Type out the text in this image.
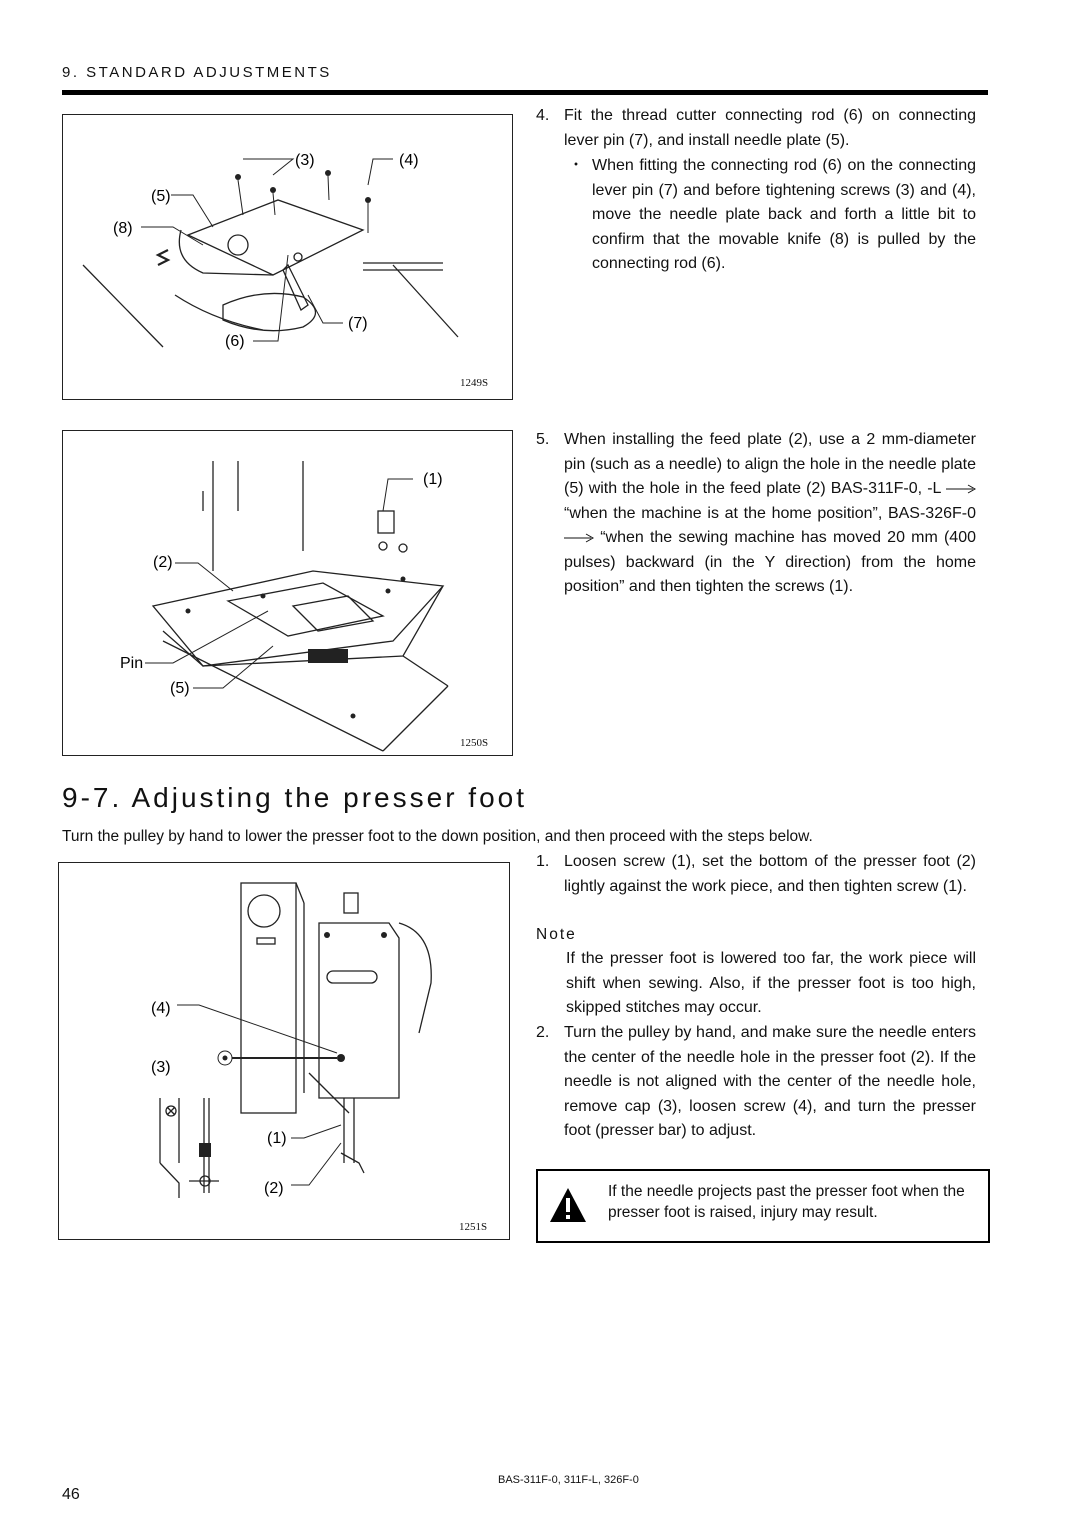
9. STANDARD ADJUSTMENTS
(3)	(4)
(5)
(8)
(7)
(6)
1249S
(1)
(2)
Pin
(5)
1250S
4. Fit the thread cutter connecting rod (6) on connecting lever pin (7), and install needle plate (5).
・ When fitting the connecting rod (6) on the connecting lever pin (7) and before tightening screws (3) and (4), move the needle plate back and forth a little bit to confirm that the movable knife (8) is pulled by the connecting rod (6).
5. When installing the feed plate (2), use a 2 mm-diameter pin (such as a needle) to align the hole in the needle plate (5) with the hole in the feed plate (2) BAS-311F-0, -L  “when the machine is at the home position”, BAS-326F-0  “when the sewing machine has moved 20 mm (400 pulses) backward (in the Y direction) from the home position” and then tighten the screws (1).
9-7. Adjusting the presser foot
Turn the pulley by hand to lower the presser foot to the down position, and then proceed with the steps below.
(4)
(3)
(1)
(2)
1251S
1. Loosen screw (1), set the bottom of the presser foot (2) lightly against the work piece, and then tighten screw (1).
Note
If the presser foot is lowered too far, the work piece will shift when sewing. Also, if the presser foot is too high, skipped stitches may occur.
2. Turn the pulley by hand, and make sure the needle enters the center of the needle hole in the presser foot (2). If the needle is not aligned with the center of the needle hole, remove cap (3), loosen screw (4), and turn the presser foot (presser bar) to adjust.
If the needle projects past the presser foot when the presser foot is raised, injury may result.
BAS-311F-0, 311F-L, 326F-0
46
